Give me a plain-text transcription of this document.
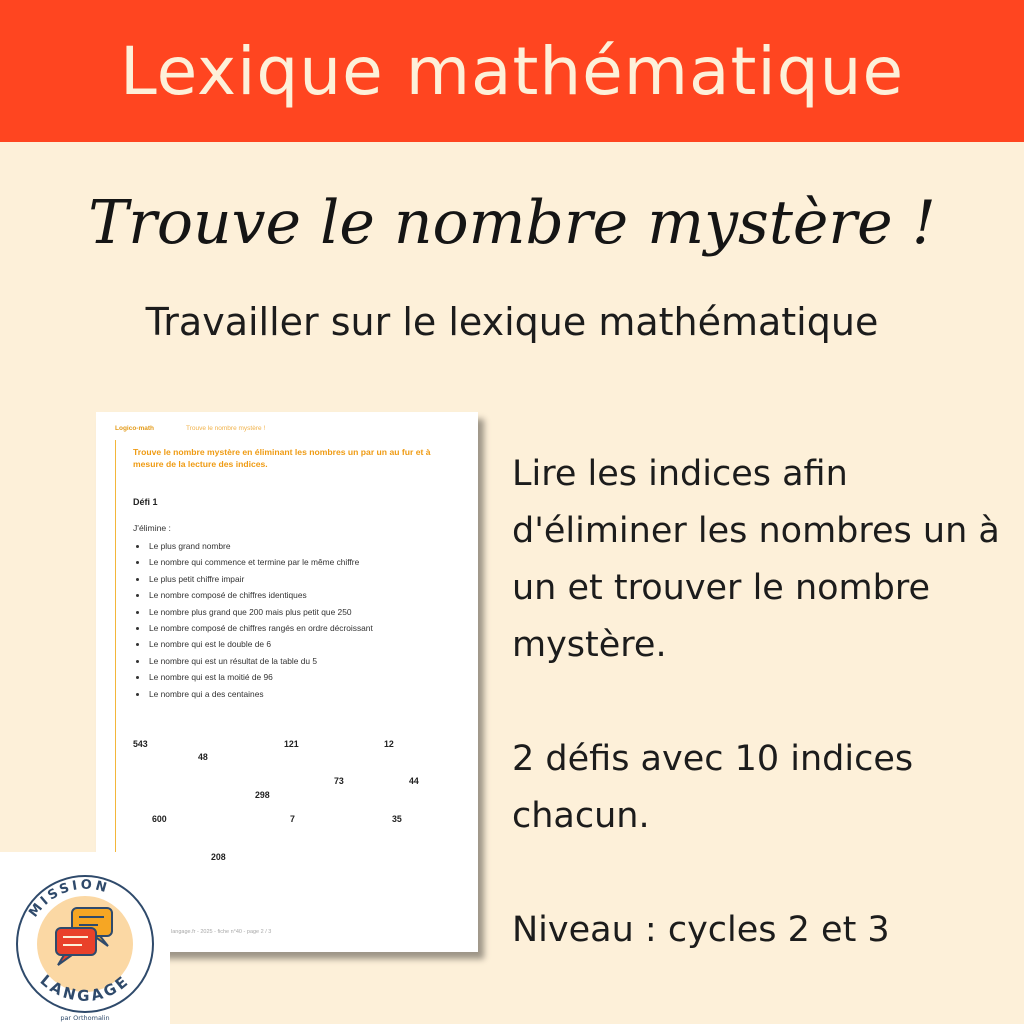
Lexique mathématique
Trouve le nombre mystère !
Travailler sur le lexique mathématique
Logico-math	Trouve le nombre mystère !
Trouve le nombre mystère en éliminant les nombres un par un au fur et à mesure de la lecture des indices.
Défi 1
J'élimine :
• Le plus grand nombre
• Le nombre qui commence et termine par le même chiffre
• Le plus petit chiffre impair
• Le nombre composé de chiffres identiques
• Le nombre plus grand que 200 mais plus petit que 250
• Le nombre composé de chiffres rangés en ordre décroissant
• Le nombre qui est le double de 6
• Le nombre qui est un résultat de la table du 5
• Le nombre qui est la moitié de 96
• Le nombre qui a des centaines
543
48
121	12
73	44
298
600	7	35
208
langage.fr - 2025 - fiche n°40 - page 2 / 3

Lire les indices afin d'éliminer les nombres un à un et trouver le nombre mystère.

2 défis avec 10 indices chacun.

Niveau : cycles 2 et 3

MISSION
LANGAGE
par Orthomalin
